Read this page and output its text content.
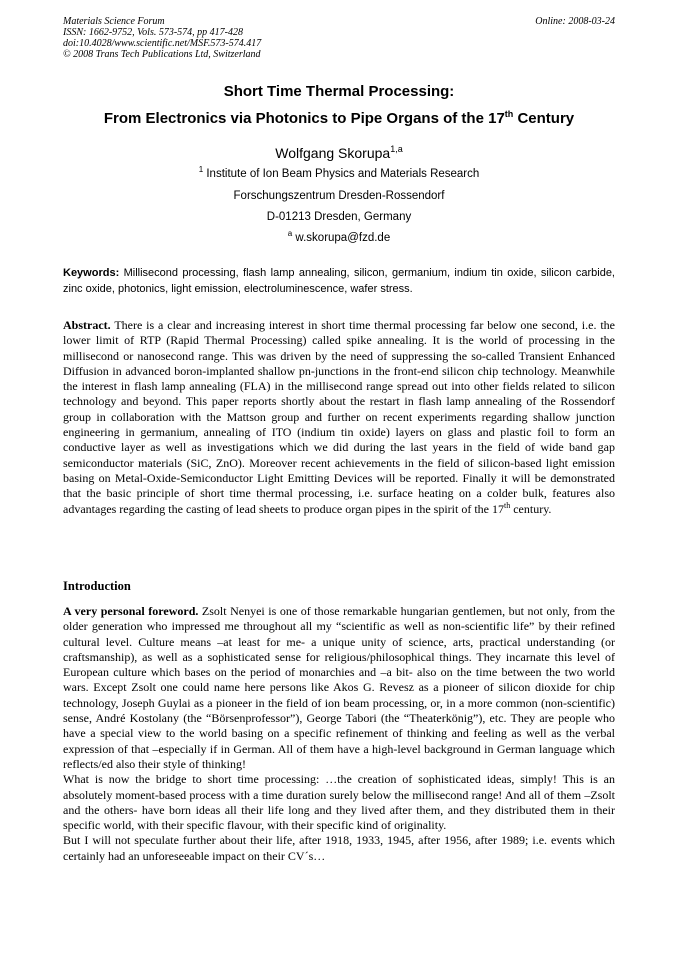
Materials Science Forum
ISSN: 1662-9752, Vols. 573-574, pp 417-428
doi:10.4028/www.scientific.net/MSF.573-574.417
© 2008 Trans Tech Publications Ltd, Switzerland
Online: 2008-03-24
Short Time Thermal Processing:
From Electronics via Photonics to Pipe Organs of the 17th Century
Wolfgang Skorupa$^{1,a}$
$^1$ Institute of Ion Beam Physics and Materials Research
Forschungszentrum Dresden-Rossendorf
D-01213 Dresden, Germany
$^a$ w.skorupa@fzd.de
Keywords: Millisecond processing, flash lamp annealing, silicon, germanium, indium tin oxide, silicon carbide, zinc oxide, photonics, light emission, electroluminescence, wafer stress.

Abstract. There is a clear and increasing interest in short time thermal processing far below one second, i.e. the lower limit of RTP (Rapid Thermal Processing) called spike annealing. It is the world of processing in the millisecond or nanosecond range. This was driven by the need of suppressing the so-called Transient Enhanced Diffusion in advanced boron-implanted shallow pn-junctions in the front-end silicon chip technology. Meanwhile the interest in flash lamp annealing (FLA) in the millisecond range spread out into other fields related to silicon technology and beyond. This paper reports shortly about the restart in flash lamp annealing of the Rossendorf group in collaboration with the Mattson group and further on recent experiments regarding shallow junction engineering in germanium, annealing of ITO (indium tin oxide) layers on glass and plastic foil to form an conductive layer as well as investigations which we did during the last years in the field of wide band gap semiconductor materials (SiC, ZnO). Moreover recent achievements in the field of silicon-based light emission basing on Metal-Oxide-Semiconductor Light Emitting Devices will be reported. Finally it will be demonstrated that the basic principle of short time thermal processing, i.e. surface heating on a colder bulk, features also advantages regarding the casting of lead sheets to produce organ pipes in the spirit of the 17th century.

Introduction

A very personal foreword. Zsolt Nenyei is one of those remarkable hungarian gentlemen, but not only, from the older generation who impressed me throughout all my “scientific as well as non-scientific life” by their refined cultural level. Culture means –at least for me- a unique unity of science, arts, practical understanding (or craftsmanship), as well as a sophisticated sense for religious/philosophical things. They incarnate this level of European culture which bases on the period of monarchies and –a bit- also on the time between the two world wars. Except Zsolt one could name here persons like Akos G. Revesz as a pioneer of silicon dioxide for chip technology, Joseph Guylai as a pioneer in the field of ion beam processing, or, in a more common (non-scientific) sense, André Kostolany (the “Börsenprofessor”), George Tabori (the “Theaterkönig”), etc. They are people who have a special view to the world basing on a specific refinement of thinking and feeling as well as the verbal expression of that –especially if in German. All of them have a high-level background in German language which reflects/ed also their style of thinking!

What is now the bridge to short time processing: …the creation of sophisticated ideas, simply! This is an absolutely moment-based process with a time duration surely below the millisecond range! And all of them –Zsolt and the others- have born ideas all their life long and they lived after them, and they distributed them in their specific world, with their specific flavour, with their specific kind of originality.

But I will not speculate further about their life, after 1918, 1933, 1945, after 1956, after 1989; i.e. events which certainly had an unforeseeable impact on their CV´s…
